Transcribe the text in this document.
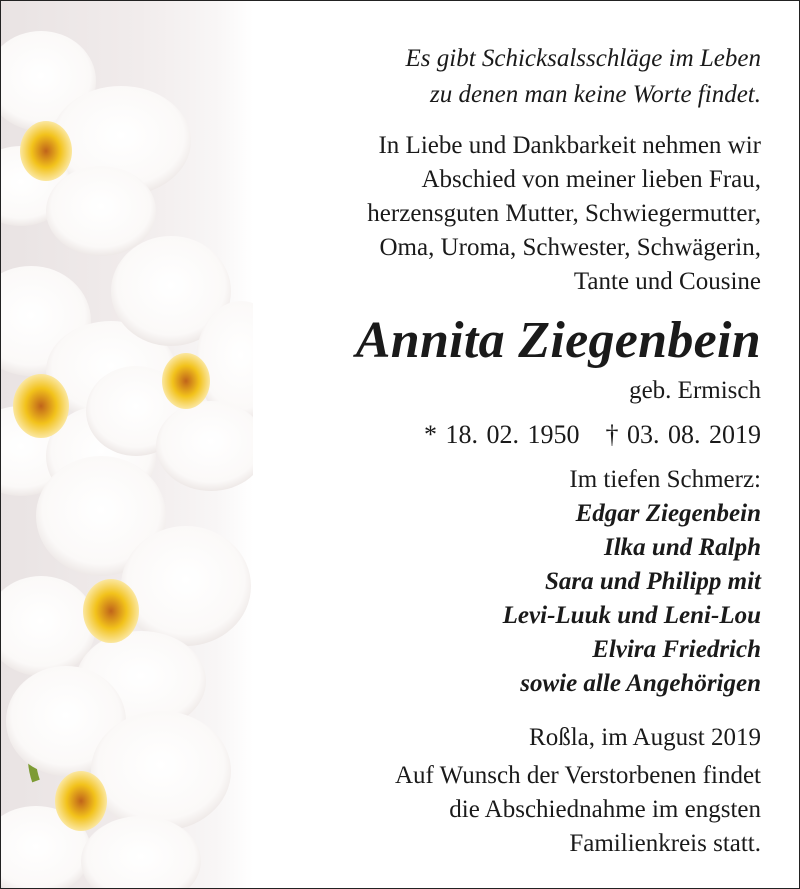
Es gibt Schicksalsschläge im Leben
zu denen man keine Worte findet.

In Liebe und Dankbarkeit nehmen wir
Abschied von meiner lieben Frau,
herzensguten Mutter, Schwiegermutter,
Oma, Uroma, Schwester, Schwägerin,
Tante und Cousine

Annita Ziegenbein

geb. Ermisch

* 18. 02. 1950 † 03. 08. 2019

Im tiefen Schmerz:

Edgar Ziegenbein
Ilka und Ralph
Sara und Philipp mit
Levi-Luuk und Leni-Lou
Elvira Friedrich
sowie alle Angehörigen

Roßla, im August 2019

Auf Wunsch der Verstorbenen findet
die Abschiednahme im engsten
Familienkreis statt.
